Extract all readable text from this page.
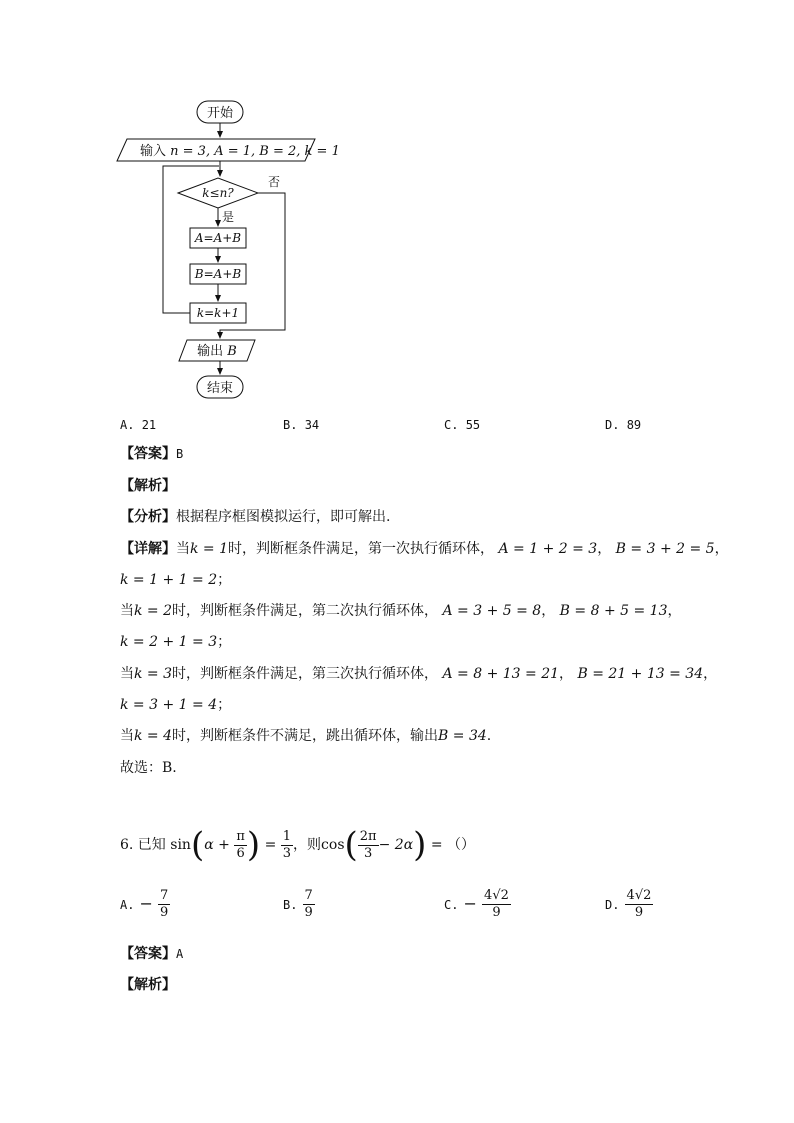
开始
输入 n = 3, A = 1, B = 2, k = 1
k≤n?
否
是
A=A+B
B=A+B
k=k+1
输出 B
结束
A. 21	B. 34	C. 55	D. 89
【答案】B
【解析】
【分析】根据程序框图模拟运行，即可解出.
【详解】当k = 1时，判断框条件满足，第一次执行循环体， A = 1 + 2 = 3， B = 3 + 2 = 5，
k = 1 + 1 = 2；
当k = 2时，判断框条件满足，第二次执行循环体， A = 3 + 5 = 8， B = 8 + 5 = 13，
k = 2 + 1 = 3；
当k = 3时，判断框条件满足，第三次执行循环体， A = 8 + 13 = 21， B = 21 + 13 = 34，
k = 3 + 1 = 4；
当k = 4时，判断框条件不满足，跳出循环体，输出B = 34.
故选：B.
6. 已知 $\sin(\alpha + \frac{\pi}{6}$ ) = $\frac{1}{3}$ ，则$\cos( \frac{2\pi}{3} - 2\alpha)$ = （）
A. − $\frac{7}{9}$	B. $\frac{7}{9}$	C. − $\frac{4√2}{9}$	D. $\frac{4√2}{9}$
【答案】A
【解析】
